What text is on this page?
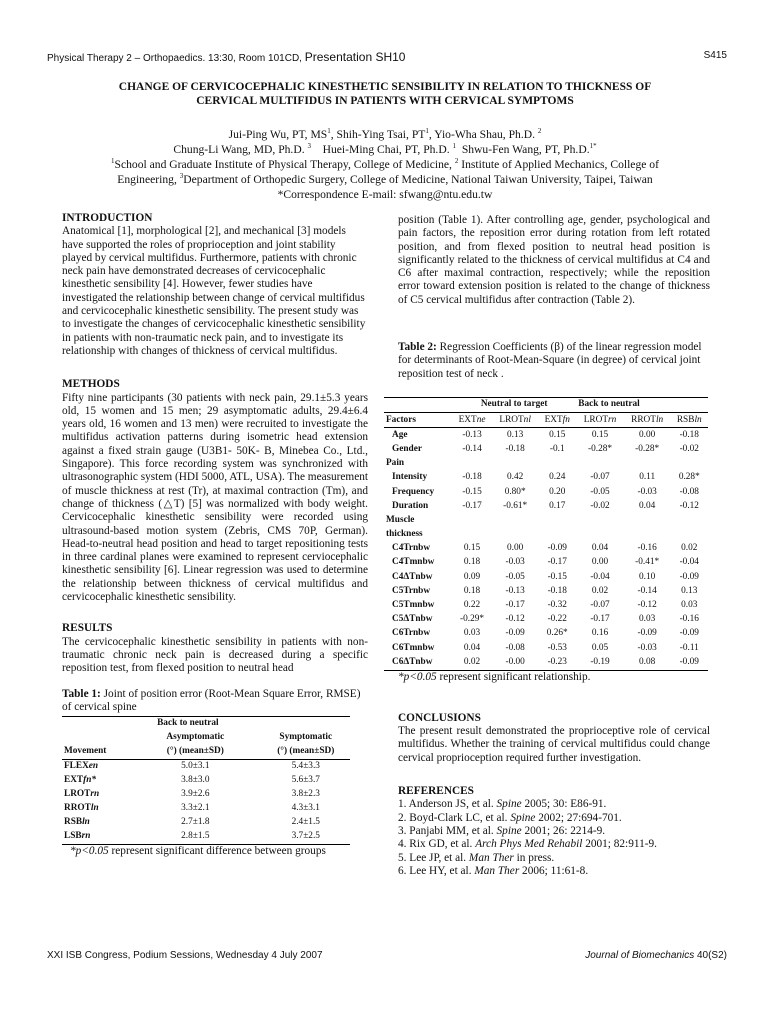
Physical Therapy 2 – Orthopaedics. 13:30, Room 101CD, Presentation SH10	S415
CHANGE OF CERVICOCEPHALIC KINESTHETIC SENSIBILITY IN RELATION TO THICKNESS OF
CERVICAL MULTIFIDUS IN PATIENTS WITH CERVICAL SYMPTOMS
Jui-Ping Wu, PT, $MS^1$, Shih-Ying Tsai, $PT^1$, Yio-Wha Shau, Ph.D. $^2$
Chung-Li Wang, MD, Ph.D. $^3$ Huei-Ming Chai, PT, Ph.D. $^1$ Shwu-Fen Wang, PT, Ph.D.$^{1*}$
$^1$School and Graduate Institute of Physical Therapy, College of Medicine, $^2$ Institute of Applied Mechanics, College of
Engineering, $^3$Department of Orthopedic Surgery, College of Medicine, National Taiwan University, Taipei, Taiwan
*Correspondence E-mail: sfwang@ntu.edu.tw
INTRODUCTION

Anatomical [1], morphological [2], and mechanical [3] models have supported the roles of proprioception and joint stability played by cervical multifidus. Furthermore, patients with chronic neck pain have demonstrated decreases of cervicocephalic kinesthetic sensibility [4]. However, fewer studies have investigated the relationship between change of cervical multifidus and cervicocephalic kinesthetic sensibility. The present study was to investigate the changes of cervicocephalic kinesthetic sensibility in patients with non-traumatic neck pain, and to investigate its relationship with changes of thickness of cervical multifidus.

METHODS

Fifty nine participants (30 patients with neck pain, 29.1±5.3 years old, 15 women and 15 men; 29 asymptomatic adults, 29.4±6.4 years old, 16 women and 13 men) were recruited to investigate the multifidus activation patterns during isometric head extension against a fixed strain gauge (U3B1- 50K- B, Minebea Co., Ltd., Singapore). This force recording system was synchronized with ultrasonographic system (HDI 5000, ATL, USA). The measurement of muscle thickness at rest (Tr), at maximal contraction (Tm), and change of thickness (△T) [5] was normalized with body weight. Cervicocephalic kinesthetic sensibility were recorded using ultrasound-based motion system (Zebris, CMS 70P, German). Head-to-neutral head position and head to target repositioning tests in three cardinal planes were examined to represent cerviocephalic kinesthetic sensibility [6]. Linear regression was used to determine the relationship between thickness of cervical multifidus and cervicocephalic kinesthetic sensibility.

RESULTS

The cervicocephalic kinesthetic sensibility in patients with non-traumatic chronic neck pain is decreased during a specific reposition test, from flexed position to neutral head

Table 1: Joint of position error (Root-Mean Square Error, RMSE) of cervical spine
	Back to neutral	
	Asymptomatic	Symptomatic
Movement	(°) (mean±SD)	(°) (mean±SD)
FLEXen	5.0±3.1	5.4±3.3
EXTfn*	3.8±3.0	5.6±3.7
LROTrn	3.9±2.6	3.8±2.3
RROTln	3.3±2.1	4.3±3.1
RSBln	2.7±1.8	2.4±1.5
LSBrn	2.8±1.5	3.7±2.5
*p<0.05 represent significant difference between groups

position (Table 1). After controlling age, gender, psychological and pain factors, the reposition error during rotation from left rotated position, and from flexed position to neutral head position is significantly related to the thickness of cervical multifidus at C4 and C6 after maximal contraction, respectively; while the reposition error toward extension position is related to the change of thickness of C5 cervical multifidus after contraction (Table 2).

Table 2: Regression Coefficients (β) of the linear regression model for determinants of Root-Mean-Square (in degree) of cervical joint reposition test of neck .
	Neutral to target			Back to neutral		
Factors	EXTne	LROTnl	EXTfn	LROTrn	RROTln	RSBln
Age	-0.13	0.13	0.15	0.15	0.00	-0.18
Gender	-0.14	-0.18	-0.1	-0.28*	-0.28*	-0.02
Pain						
Intensity	-0.18	0.42	0.24	-0.07	0.11	0.28*
Frequency	-0.15	0.80*	0.20	-0.05	-0.03	-0.08
Duration	-0.17	-0.61*	0.17	-0.02	0.04	-0.12
Muscle						
thickness						
C4Trnbw	0.15	0.00	-0.09	0.04	-0.16	0.02
C4Tmnbw	0.18	-0.03	-0.17	0.00	-0.41*	-0.04
C4ΔTnbw	0.09	-0.05	-0.15	-0.04	0.10	-0.09
C5Trnbw	0.18	-0.13	-0.18	0.02	-0.14	0.13
C5Tmnbw	0.22	-0.17	-0.32	-0.07	-0.12	0.03
C5ΔTnbw	-0.29*	-0.12	-0.22	-0.17	0.03	-0.16
C6Trnbw	0.03	-0.09	0.26*	0.16	-0.09	-0.09
C6Tmnbw	0.04	-0.08	-0.53	0.05	-0.03	-0.11
C6ΔTnbw	0.02	-0.00	-0.23	-0.19	0.08	-0.09
*p<0.05 represent significant relationship.
CONCLUSIONS

The present result demonstrated the proprioceptive role of cervical multifidus. Whether the training of cervical multifidus could change cervical proprioception required further investigation.

REFERENCES
1. Anderson JS, et al. Spine 2005; 30: E86-91.
2. Boyd-Clark LC, et al. Spine 2002; 27:694-701.
3. Panjabi MM, et al. Spine 2001; 26: 2214-9.
4. Rix GD, et al. Arch Phys Med Rehabil 2001; 82:911-9.
5. Lee JP, et al. Man Ther in press.
6. Lee HY, et al. Man Ther 2006; 11:61-8.
XXI ISB Congress, Podium Sessions, Wednesday 4 July 2007	Journal of Biomechanics 40(S2)
